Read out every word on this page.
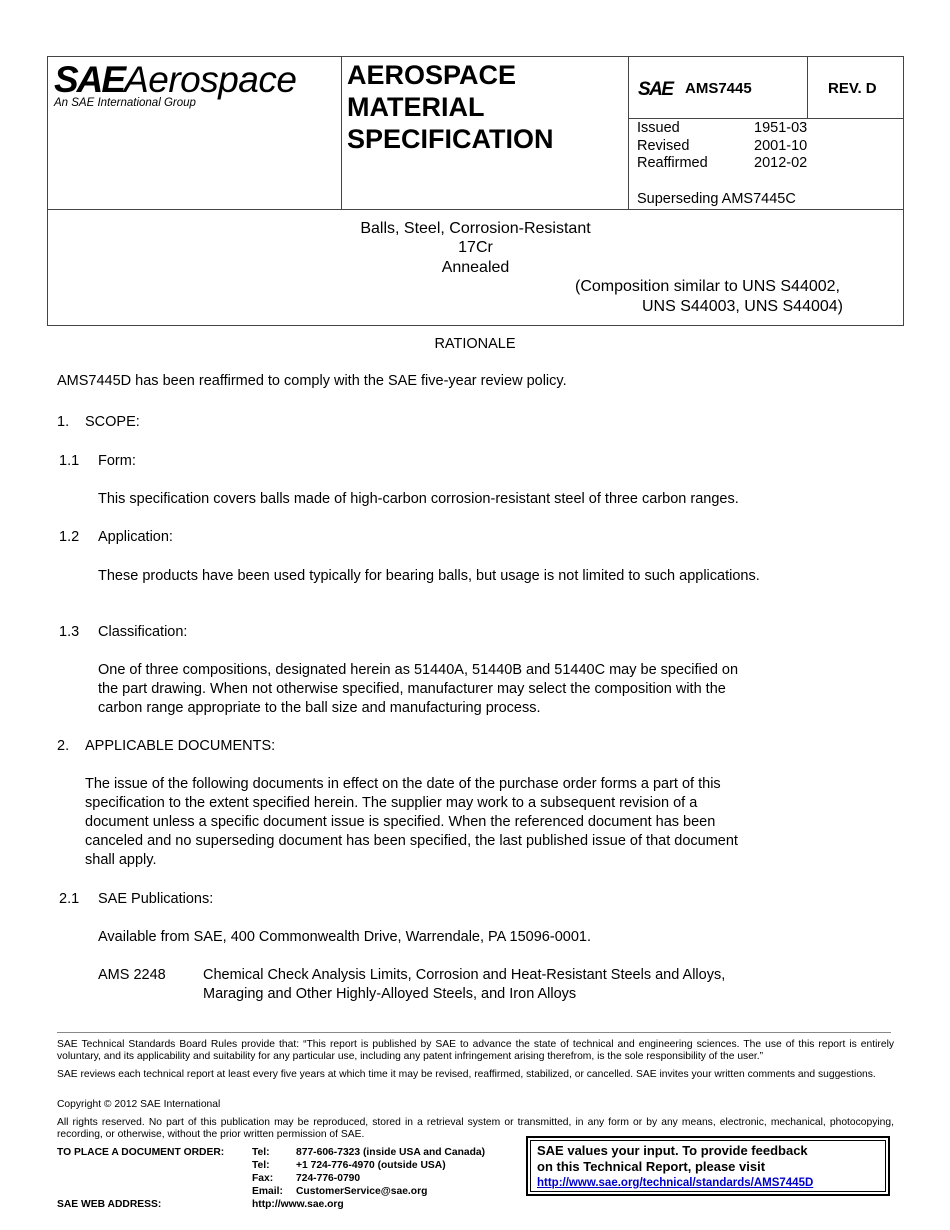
SAEAerospace
An SAE International Group
AEROSPACE
MATERIAL
SPECIFICATION
SAE AMS7445	REV. D
Issued	1951-03
Revised	2001-10
Reaffirmed	2012-02
Superseding AMS7445C
Balls, Steel, Corrosion-Resistant
17Cr
Annealed
(Composition similar to UNS S44002,
UNS S44003, UNS S44004)
RATIONALE
AMS7445D has been reaffirmed to comply with the SAE five-year review policy.
1. SCOPE:
1.1 Form:
This specification covers balls made of high-carbon corrosion-resistant steel of three carbon ranges.
1.2 Application:
These products have been used typically for bearing balls, but usage is not limited to such applications.
1.3 Classification:
One of three compositions, designated herein as 51440A, 51440B and 51440C may be specified on
the part drawing. When not otherwise specified, manufacturer may select the composition with the
carbon range appropriate to the ball size and manufacturing process.
2. APPLICABLE DOCUMENTS:
The issue of the following documents in effect on the date of the purchase order forms a part of this
specification to the extent specified herein. The supplier may work to a subsequent revision of a
document unless a specific document issue is specified. When the referenced document has been
canceled and no superseding document has been specified, the last published issue of that document
shall apply.
2.1 SAE Publications:
Available from SAE, 400 Commonwealth Drive, Warrendale, PA 15096-0001.
AMS 2248	Chemical Check Analysis Limits, Corrosion and Heat-Resistant Steels and Alloys,
Maraging and Other Highly-Alloyed Steels, and Iron Alloys
SAE Technical Standards Board Rules provide that: “This report is published by SAE to advance the state of technical and engineering sciences. The use of this report is entirely voluntary, and its applicability and suitability for any particular use, including any patent infringement arising therefrom, is the sole responsibility of the user.”
SAE reviews each technical report at least every five years at which time it may be revised, reaffirmed, stabilized, or cancelled. SAE invites your written comments and suggestions.
Copyright © 2012 SAE International
All rights reserved. No part of this publication may be reproduced, stored in a retrieval system or transmitted, in any form or by any means, electronic, mechanical, photocopying, recording, or otherwise, without the prior written permission of SAE.
TO PLACE A DOCUMENT ORDER:	Tel:	877-606-7323 (inside USA and Canada)
Tel:	+1 724-776-4970 (outside USA)
Fax: 724-776-0790
Email: CustomerService@sae.org
SAE WEB ADDRESS:	http://www.sae.org
SAE values your input. To provide feedback
on this Technical Report, please visit
http://www.sae.org/technical/standards/AMS7445D
